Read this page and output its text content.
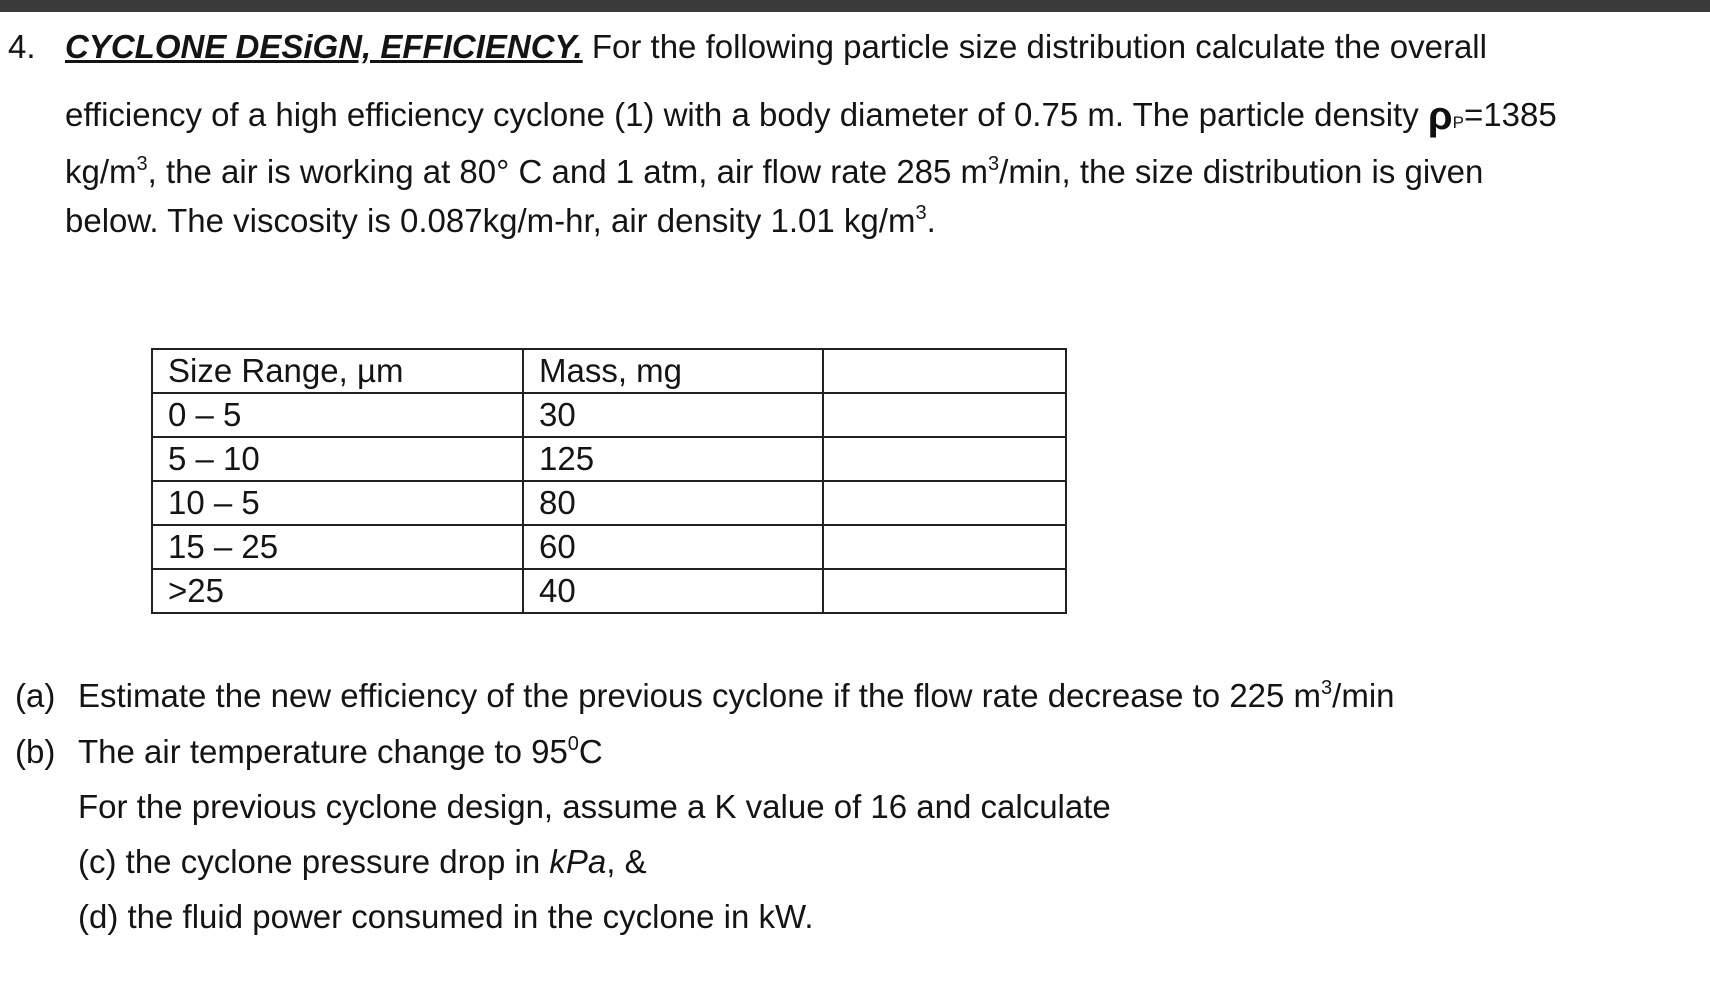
4. CYCLONE DESiGN, EFFICIENCY. For the following particle size distribution calculate the overall
efficiency of a high efficiency cyclone (1) with a body diameter of 0.75 m. The particle density ρP=1385
$kg/m^3$, the air is working at 80° C and 1 atm, air flow rate 285 $m^3/\min$, the size distribution is given
below. The viscosity is 0.087kg/m-hr, air density 1.01 $kg/m^3$.
Size Range, µm	Mass, mg	
0 – 5	30	
5 – 10	125	
10 – 5	80	
15 – 25	60	
>25	40	
(a) Estimate the new efficiency of the previous cyclone if the flow rate decrease to 225 $m^3/\min$
(b) The air temperature change to $95^0C$
For the previous cyclone design, assume a K value of 16 and calculate
(c) the cyclone pressure drop in kPa, &
(d) the fluid power consumed in the cyclone in kW.
